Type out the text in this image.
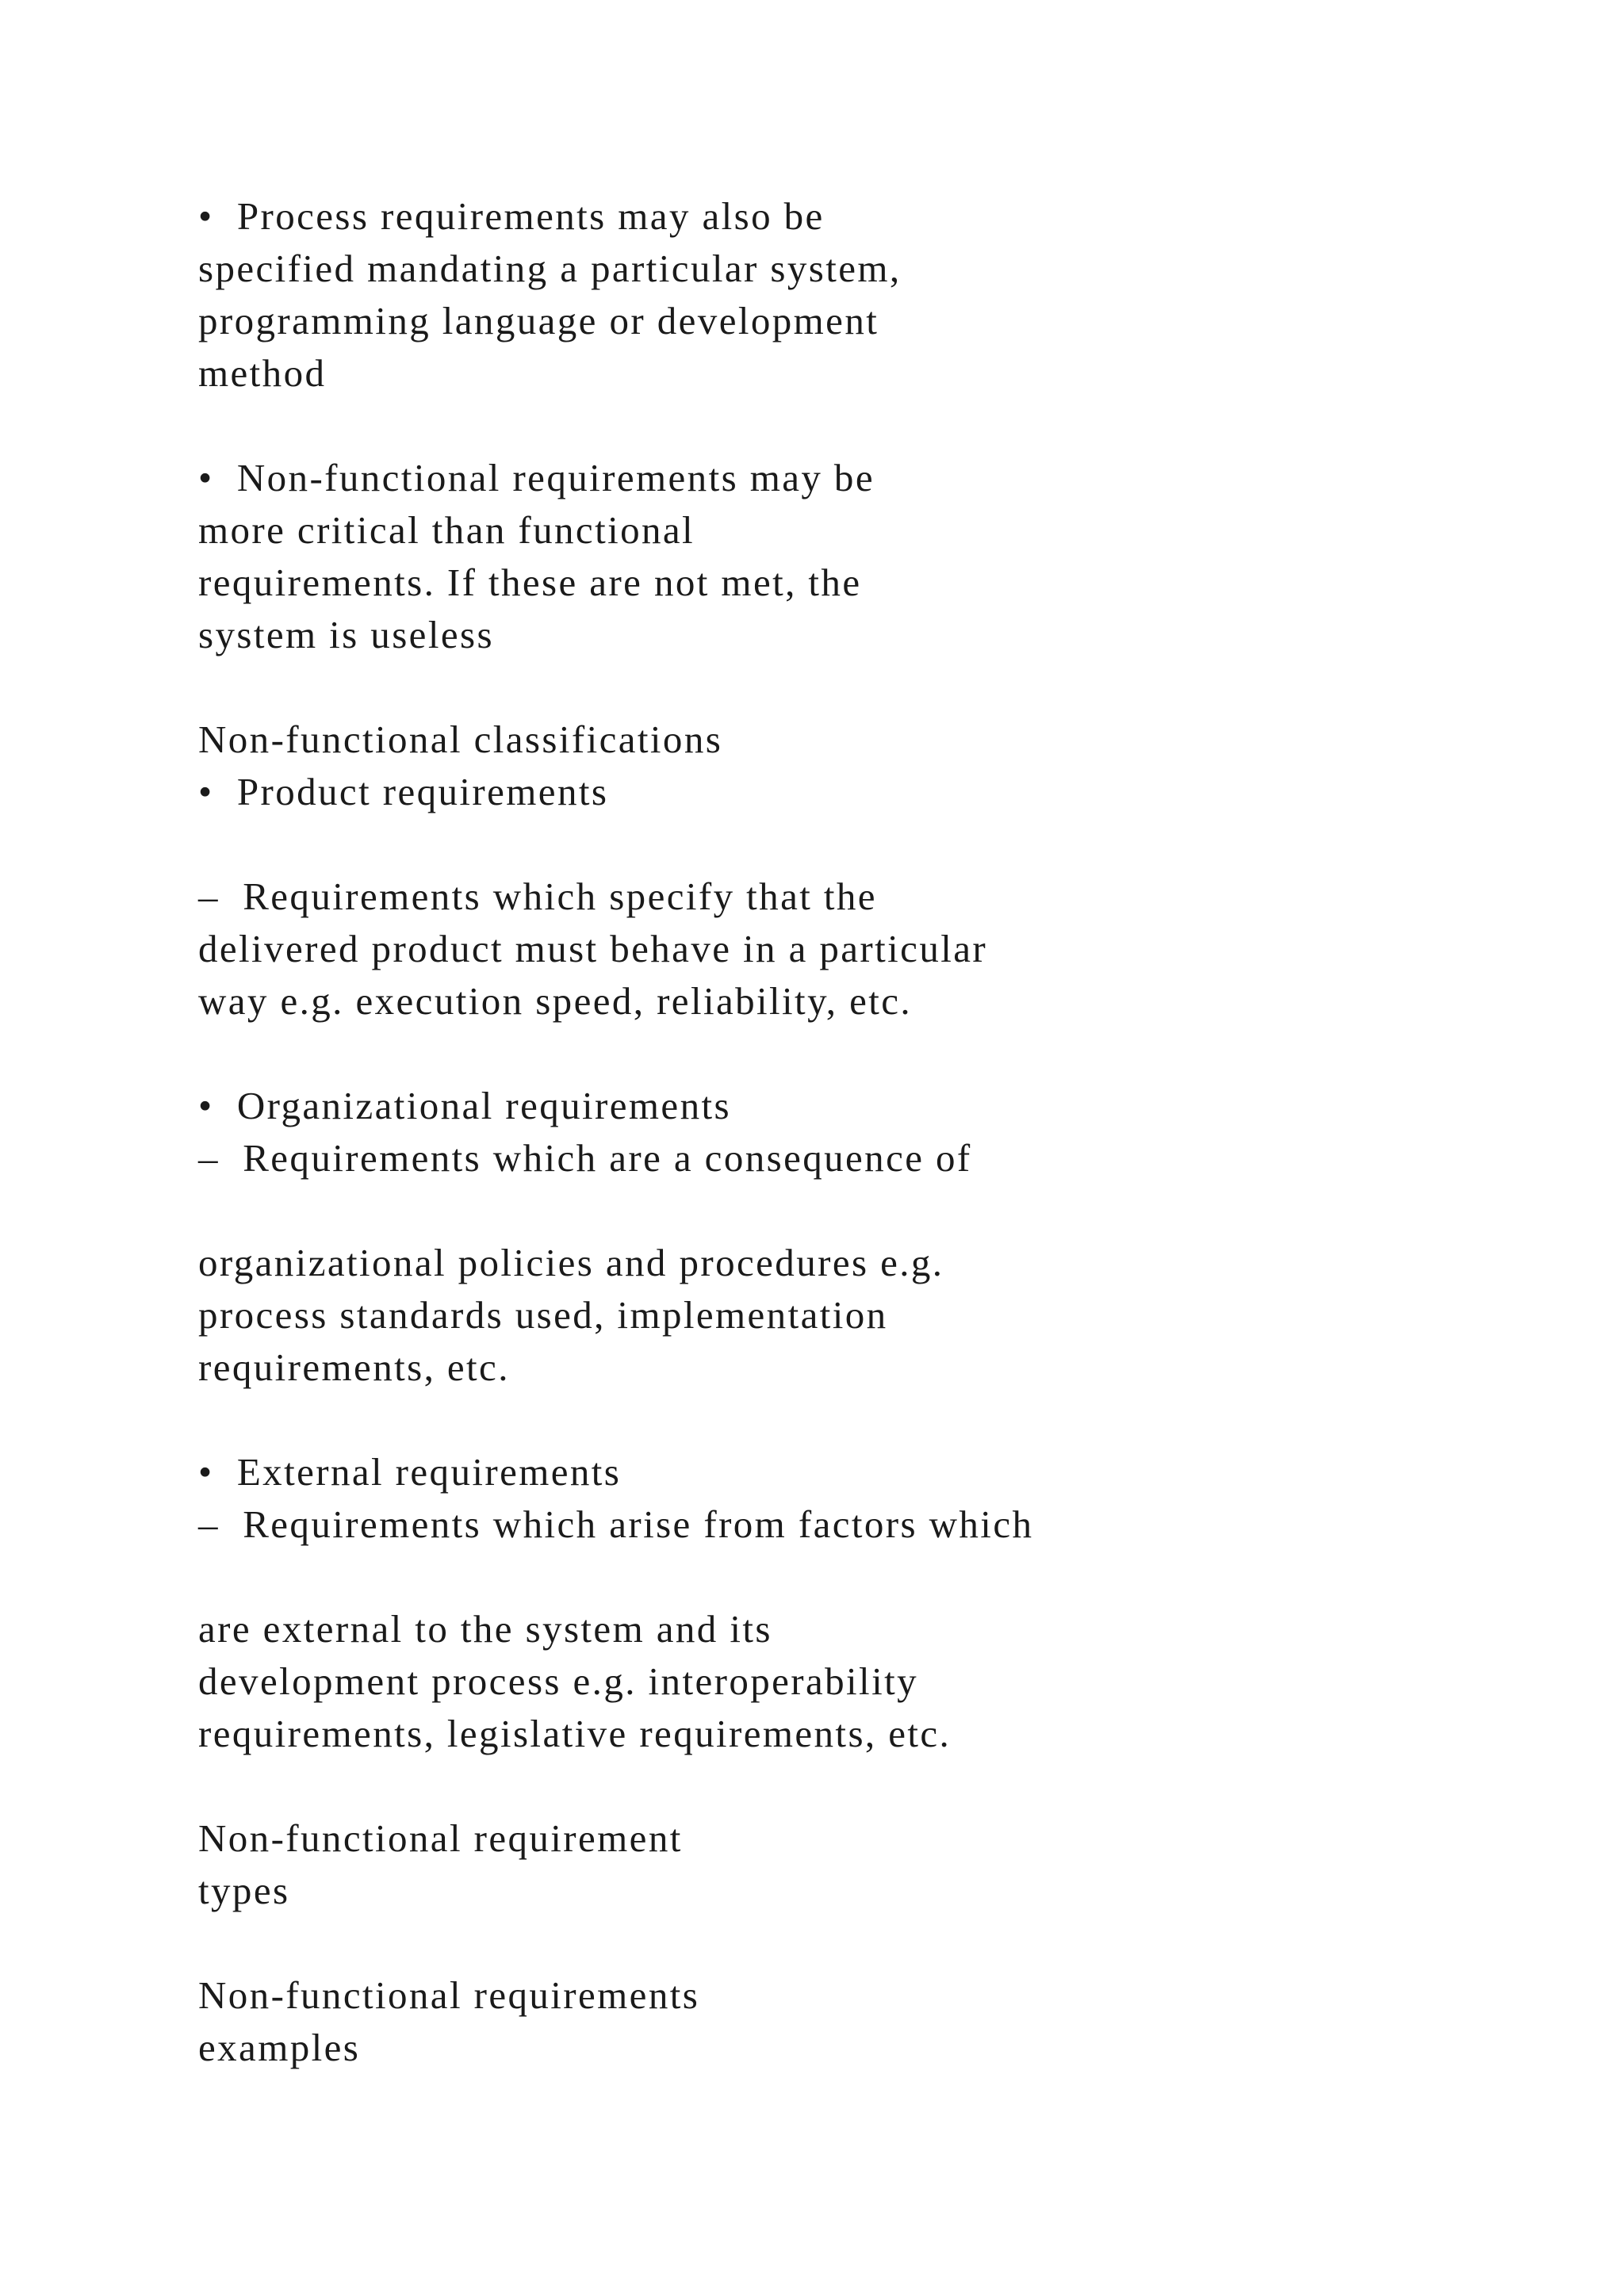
•  Process requirements may also be
specified mandating a particular system,
programming language or development
method
•  Non-functional requirements may be
more critical than functional
requirements. If these are not met, the
system is useless
Non-functional classifications
•  Product requirements
–  Requirements which specify that the
delivered product must behave in a particular
way e.g. execution speed, reliability, etc.
•  Organizational requirements
–  Requirements which are a consequence of
organizational policies and procedures e.g.
process standards used, implementation
requirements, etc.
•  External requirements
–  Requirements which arise from factors which
are external to the system and its
development process e.g. interoperability
requirements, legislative requirements, etc.
Non-functional requirement
types
Non-functional requirements
examples
